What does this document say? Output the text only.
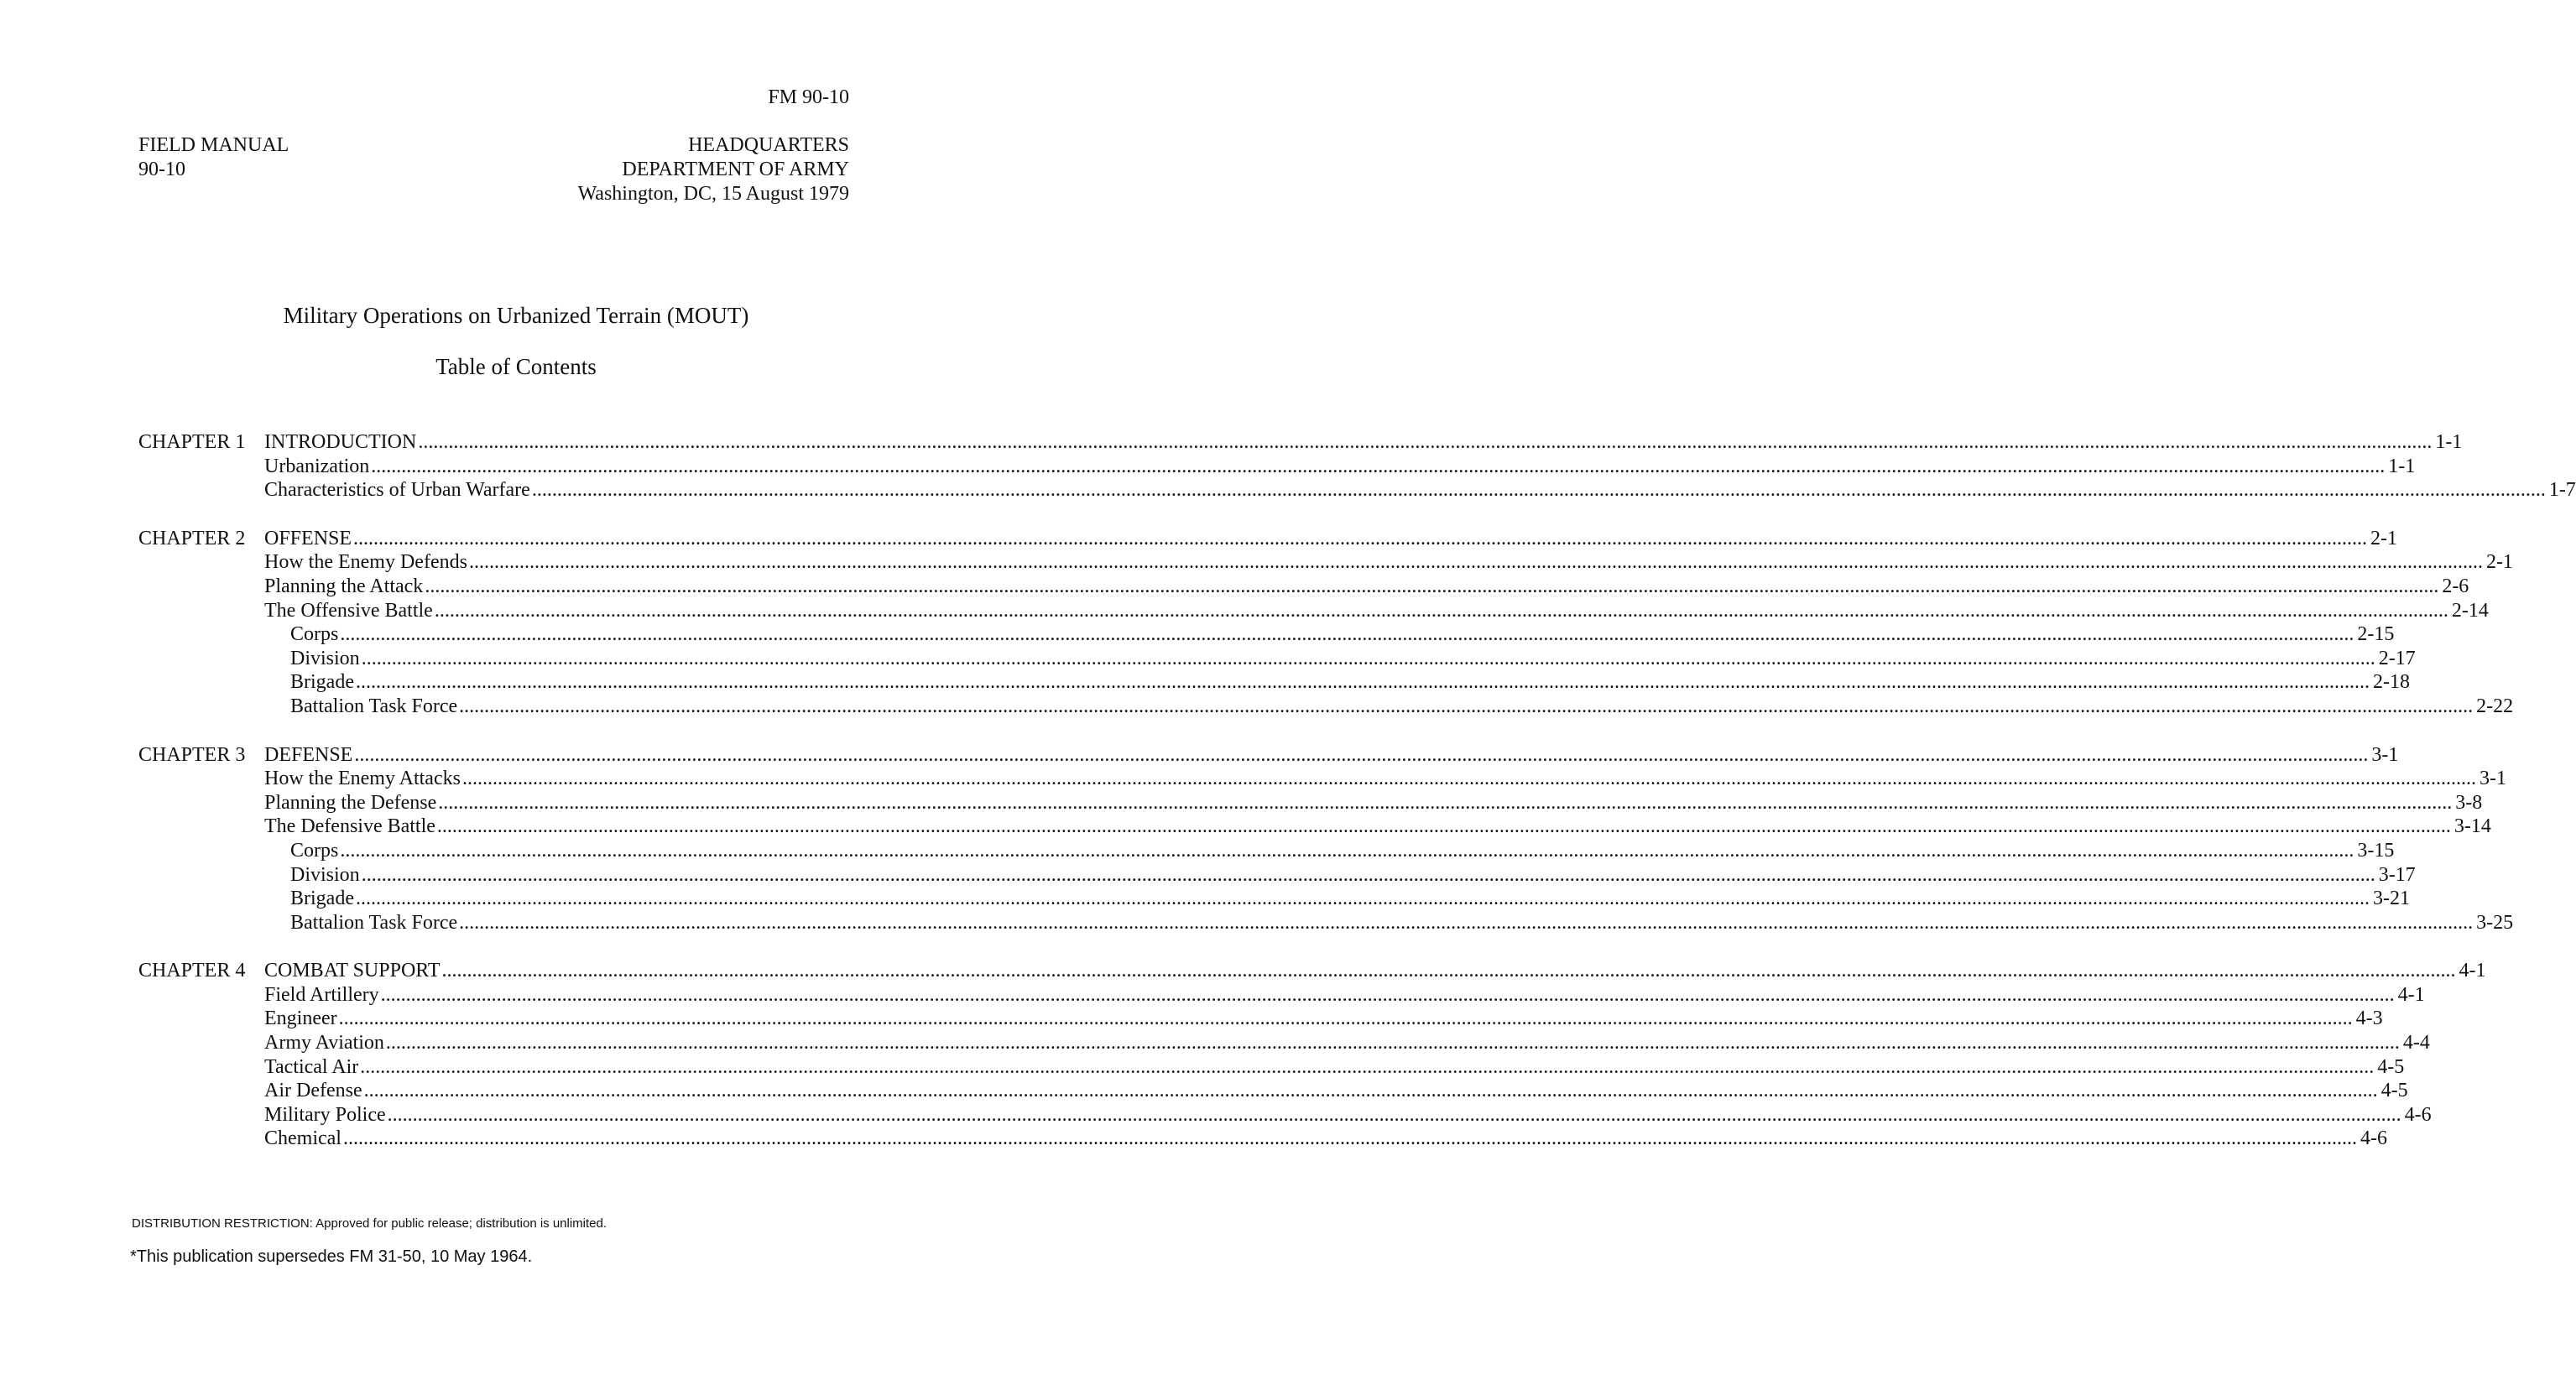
FM 90-10
FIELD MANUAL
90-10
HEADQUARTERS
DEPARTMENT OF ARMY
Washington, DC, 15 August 1979
Military Operations on Urbanized Terrain (MOUT)
Table of Contents
CHAPTER 1 INTRODUCTION ................................................................................................................................................................................................................................................................................................................................................................................................................ 1-1
Urbanization ................................................................................................................................................................................................................................................................................................................................................................................................................ 1-1
Characteristics of Urban Warfare ................................................................................................................................................................................................................................................................................................................................................................................................................ 1-7
CHAPTER 2 OFFENSE ................................................................................................................................................................................................................................................................................................................................................................................................................ 2-1
How the Enemy Defends ................................................................................................................................................................................................................................................................................................................................................................................................................ 2-1
Planning the Attack ................................................................................................................................................................................................................................................................................................................................................................................................................ 2-6
The Offensive Battle ................................................................................................................................................................................................................................................................................................................................................................................................................ 2-14
Corps ................................................................................................................................................................................................................................................................................................................................................................................................................ 2-15
Division ................................................................................................................................................................................................................................................................................................................................................................................................................ 2-17
Brigade ................................................................................................................................................................................................................................................................................................................................................................................................................ 2-18
Battalion Task Force ................................................................................................................................................................................................................................................................................................................................................................................................................ 2-22
CHAPTER 3 DEFENSE ................................................................................................................................................................................................................................................................................................................................................................................................................ 3-1
How the Enemy Attacks ................................................................................................................................................................................................................................................................................................................................................................................................................ 3-1
Planning the Defense ................................................................................................................................................................................................................................................................................................................................................................................................................ 3-8
The Defensive Battle ................................................................................................................................................................................................................................................................................................................................................................................................................ 3-14
Corps ................................................................................................................................................................................................................................................................................................................................................................................................................ 3-15
Division ................................................................................................................................................................................................................................................................................................................................................................................................................ 3-17
Brigade ................................................................................................................................................................................................................................................................................................................................................................................................................ 3-21
Battalion Task Force ................................................................................................................................................................................................................................................................................................................................................................................................................ 3-25
CHAPTER 4 COMBAT SUPPORT ................................................................................................................................................................................................................................................................................................................................................................................................................ 4-1
Field Artillery ................................................................................................................................................................................................................................................................................................................................................................................................................ 4-1
Engineer ................................................................................................................................................................................................................................................................................................................................................................................................................ 4-3
Army Aviation ................................................................................................................................................................................................................................................................................................................................................................................................................ 4-4
Tactical Air ................................................................................................................................................................................................................................................................................................................................................................................................................ 4-5
Air Defense ................................................................................................................................................................................................................................................................................................................................................................................................................ 4-5
Military Police ................................................................................................................................................................................................................................................................................................................................................................................................................ 4-6
Chemical ................................................................................................................................................................................................................................................................................................................................................................................................................ 4-6
DISTRIBUTION RESTRICTION: Approved for public release; distribution is unlimited.
*This publication supersedes FM 31-50, 10 May 1964.
